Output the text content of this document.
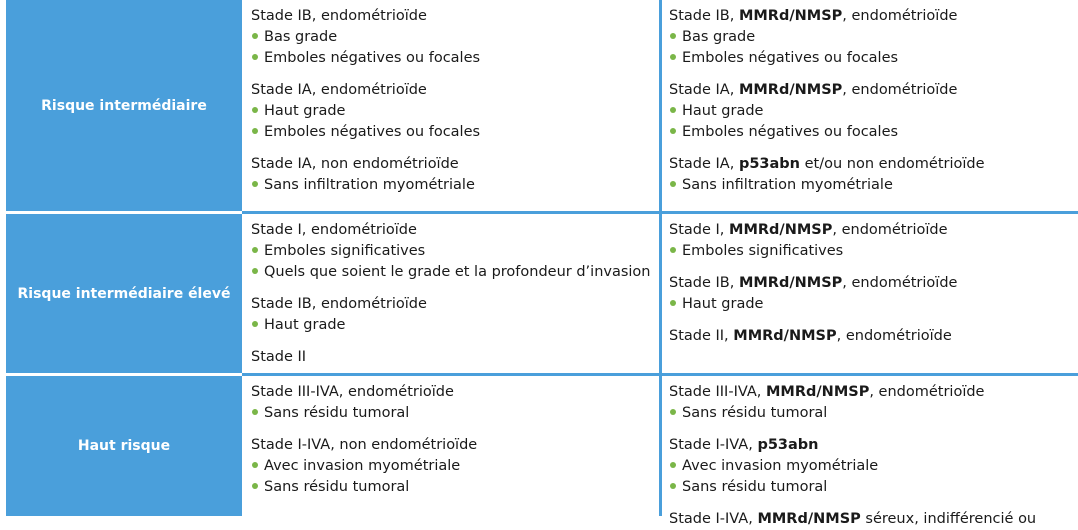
Risque intermédiaire
Stade IB, endométrioïde
Bas grade
Emboles négatives ou focales
Stade IA, endométrioïde
Haut grade
Emboles négatives ou focales
Stade IA, non endométrioïde
Sans infiltration myométriale
Stade IB, MMRd/NMSP, endométrioïde
Bas grade
Emboles négatives ou focales
Stade IA, MMRd/NMSP, endométrioïde
Haut grade
Emboles négatives ou focales
Stade IA, p53abn et/ou non endométrioïde
Sans infiltration myométriale
Risque intermédiaire élevé
Stade I, endométrioïde
Emboles significatives
Quels que soient le grade et la profondeur d’invasion
Stade IB, endométrioïde
Haut grade
Stade II
Stade I, MMRd/NMSP, endométrioïde
Emboles significatives
Stade IB, MMRd/NMSP, endométrioïde
Haut grade
Stade II, MMRd/NMSP, endométrioïde
Haut risque
Stade III-IVA, endométrioïde
Sans résidu tumoral
Stade I-IVA, non endométrioïde
Avec invasion myométriale
Sans résidu tumoral
Stade III-IVA, MMRd/NMSP, endométrioïde
Sans résidu tumoral
Stade I-IVA, p53abn
Avec invasion myométriale
Sans résidu tumoral
Stade I-IVA, MMRd/NMSP séreux, indifférencié ou
